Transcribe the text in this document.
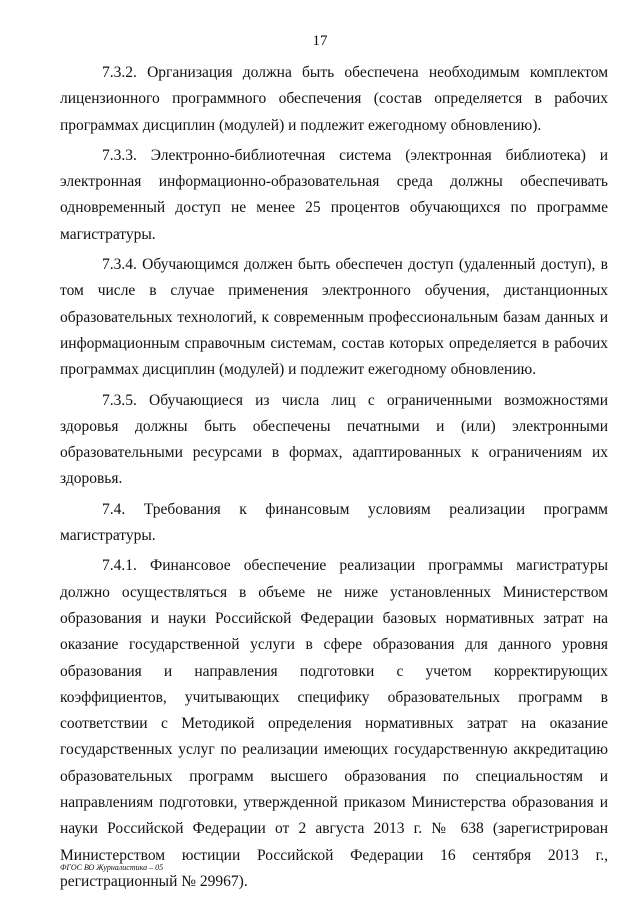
17

7.3.2. Организация должна быть обеспечена необходимым комплектом лицензионного программного обеспечения (состав определяется в рабочих программах дисциплин (модулей) и подлежит ежегодному обновлению).

7.3.3. Электронно-библиотечная система (электронная библиотека) и электронная информационно-образовательная среда должны обеспечивать одновременный доступ не менее 25 процентов обучающихся по программе магистратуры.

7.3.4. Обучающимся должен быть обеспечен доступ (удаленный доступ), в том числе в случае применения электронного обучения, дистанционных образовательных технологий, к современным профессиональным базам данных и информационным справочным системам, состав которых определяется в рабочих программах дисциплин (модулей) и подлежит ежегодному обновлению.

7.3.5. Обучающиеся из числа лиц с ограниченными возможностями здоровья должны быть обеспечены печатными и (или) электронными образовательными ресурсами в формах, адаптированных к ограничениям их здоровья.

7.4. Требования к финансовым условиям реализации программ магистратуры.

7.4.1. Финансовое обеспечение реализации программы магистратуры должно осуществляться в объеме не ниже установленных Министерством образования и науки Российской Федерации базовых нормативных затрат на оказание государственной услуги в сфере образования для данного уровня образования и направления подготовки с учетом корректирующих коэффициентов, учитывающих специфику образовательных программ в соответствии с Методикой определения нормативных затрат на оказание государственных услуг по реализации имеющих государственную аккредитацию образовательных программ высшего образования по специальностям и направлениям подготовки, утвержденной приказом Министерства образования и науки Российской Федерации от 2 августа 2013 г. № 638 (зарегистрирован Министерством юстиции Российской Федерации 16 сентября 2013 г., регистрационный № 29967).

ФГОС ВО Журналистика – 05
